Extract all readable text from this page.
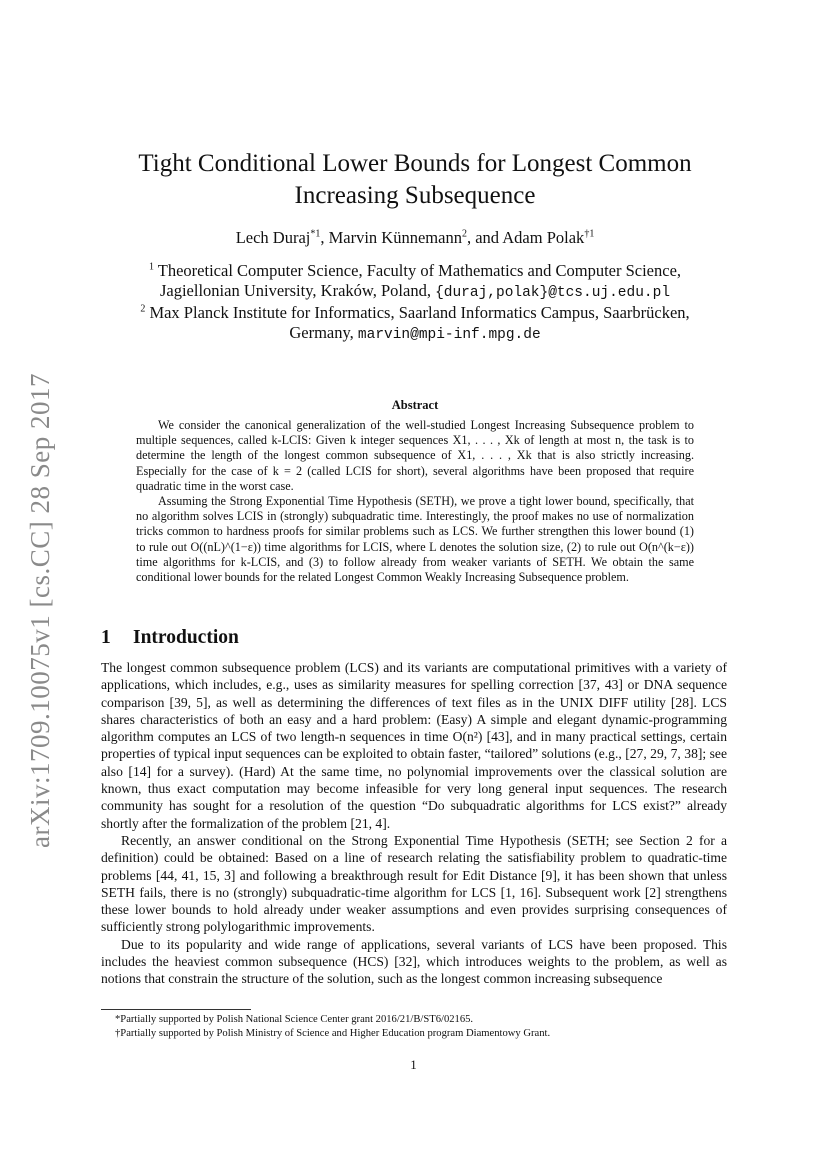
arXiv:1709.10075v1 [cs.CC] 28 Sep 2017
Tight Conditional Lower Bounds for Longest Common Increasing Subsequence
Lech Duraj$^{*1}$, Marvin Künnemann$^2$, and Adam Polak$^{\dagger 1}$
$^1$ Theoretical Computer Science, Faculty of Mathematics and Computer Science,
Jagiellonian University, Kraków, Poland, {duraj,polak}@tcs.uj.edu.pl
$^2$ Max Planck Institute for Informatics, Saarland Informatics Campus, Saarbrücken,
Germany, marvin@mpi-inf.mpg.de
Abstract

We consider the canonical generalization of the well-studied Longest Increasing Subsequence problem to multiple sequences, called k-LCIS: Given k integer sequences X1, . . . , Xk of length at most n, the task is to determine the length of the longest common subsequence of X1, . . . , Xk that is also strictly increasing. Especially for the case of k = 2 (called LCIS for short), several algorithms have been proposed that require quadratic time in the worst case.

Assuming the Strong Exponential Time Hypothesis (SETH), we prove a tight lower bound, specifically, that no algorithm solves LCIS in (strongly) subquadratic time. Interestingly, the proof makes no use of normalization tricks common to hardness proofs for similar problems such as LCS. We further strengthen this lower bound (1) to rule out O((nL)^(1−ε)) time algorithms for LCIS, where L denotes the solution size, (2) to rule out O(n^(k−ε)) time algorithms for k-LCIS, and (3) to follow already from weaker variants of SETH. We obtain the same conditional lower bounds for the related Longest Common Weakly Increasing Subsequence problem.

1 Introduction

The longest common subsequence problem (LCS) and its variants are computational primitives with a variety of applications, which includes, e.g., uses as similarity measures for spelling correction [37, 43] or DNA sequence comparison [39, 5], as well as determining the differences of text files as in the UNIX DIFF utility [28]. LCS shares characteristics of both an easy and a hard problem: (Easy) A simple and elegant dynamic-programming algorithm computes an LCS of two length-n sequences in time O(n²) [43], and in many practical settings, certain properties of typical input sequences can be exploited to obtain faster, “tailored” solutions (e.g., [27, 29, 7, 38]; see also [14] for a survey). (Hard) At the same time, no polynomial improvements over the classical solution are known, thus exact computation may become infeasible for very long general input sequences. The research community has sought for a resolution of the question “Do subquadratic algorithms for LCS exist?” already shortly after the formalization of the problem [21, 4].

Recently, an answer conditional on the Strong Exponential Time Hypothesis (SETH; see Section 2 for a definition) could be obtained: Based on a line of research relating the satisfiability problem to quadratic-time problems [44, 41, 15, 3] and following a breakthrough result for Edit Distance [9], it has been shown that unless SETH fails, there is no (strongly) subquadratic-time algorithm for LCS [1, 16]. Subsequent work [2] strengthens these lower bounds to hold already under weaker assumptions and even provides surprising consequences of sufficiently strong polylogarithmic improvements.

Due to its popularity and wide range of applications, several variants of LCS have been proposed. This includes the heaviest common subsequence (HCS) [32], which introduces weights to the problem, as well as notions that constrain the structure of the solution, such as the longest common increasing subsequence

*Partially supported by Polish National Science Center grant 2016/21/B/ST6/02165.
†Partially supported by Polish Ministry of Science and Higher Education program Diamentowy Grant.
1
